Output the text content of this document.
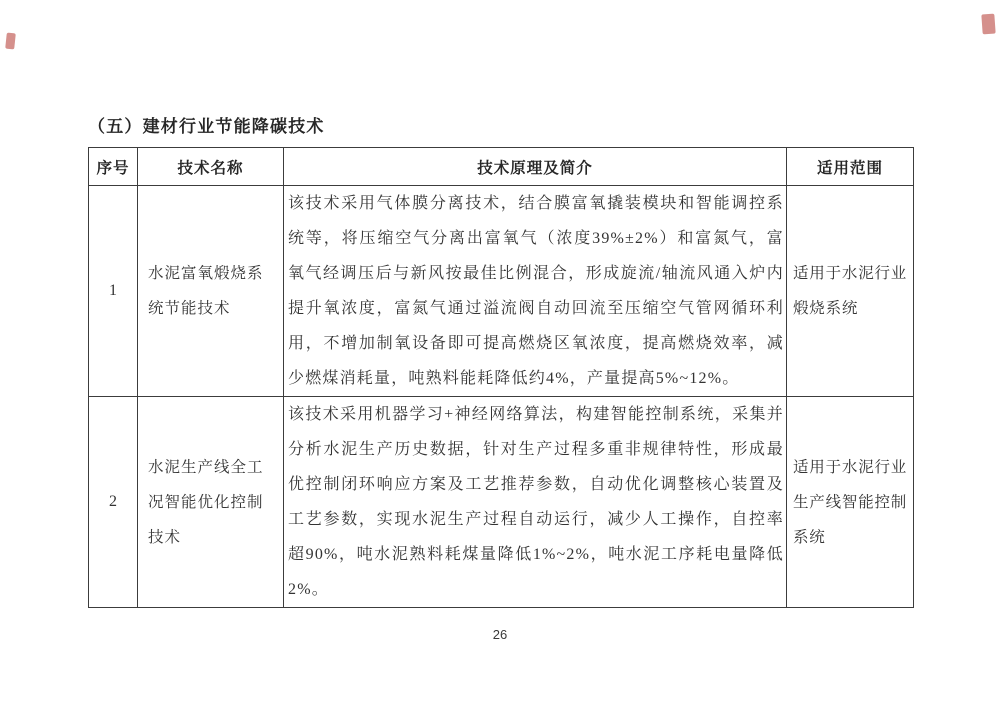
（五）建材行业节能降碳技术
序号	技术名称	技术原理及简介	适用范围
1	水泥富氧煅烧系统节能技术	该技术采用气体膜分离技术，结合膜富氧撬装模块和智能调控系统等，将压缩空气分离出富氧气（浓度39%±2%）和富氮气，富氧气经调压后与新风按最佳比例混合，形成旋流/轴流风通入炉内提升氧浓度，富氮气通过溢流阀自动回流至压缩空气管网循环利用，不增加制氧设备即可提高燃烧区氧浓度，提高燃烧效率，减少燃煤消耗量，吨熟料能耗降低约4%，产量提高5%~12%。	适用于水泥行业煅烧系统
2	水泥生产线全工况智能优化控制技术	该技术采用机器学习+神经网络算法，构建智能控制系统，采集并分析水泥生产历史数据，针对生产过程多重非规律特性，形成最优控制闭环响应方案及工艺推荐参数，自动优化调整核心装置及工艺参数，实现水泥生产过程自动运行，减少人工操作，自控率超90%，吨水泥熟料耗煤量降低1%~2%，吨水泥工序耗电量降低2%。	适用于水泥行业生产线智能控制系统
26
